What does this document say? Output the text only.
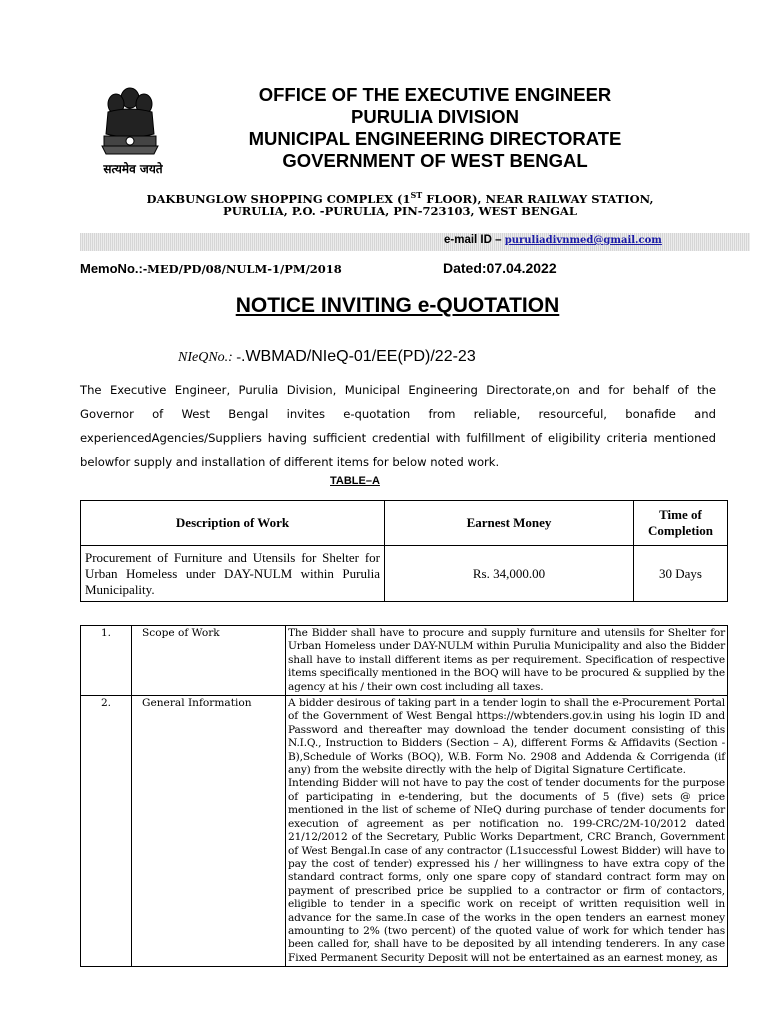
सत्यमेव जयते
OFFICE OF THE EXECUTIVE ENGINEER
PURULIA DIVISION
MUNICIPAL ENGINEERING DIRECTORATE
GOVERNMENT OF WEST BENGAL
DAKBUNGLOW SHOPPING COMPLEX (1ST FLOOR), NEAR RAILWAY STATION,
PURULIA, P.O. -PURULIA, PIN-723103, WEST BENGAL
e-mail ID – puruliadivnmed@gmail.com
MemoNo.:-MED/PD/08/NULM-1/PM/2018	Dated:07.04.2022
NOTICE INVITING e-QUOTATION
NIeQNo.: -.WBMAD/NIeQ-01/EE(PD)/22-23
The Executive Engineer, Purulia Division, Municipal Engineering Directorate,on and for behalf of the Governor of West Bengal invites e-quotation from reliable, resourceful, bonafide and experiencedAgencies/Suppliers having sufficient credential with fulfillment of eligibility criteria mentioned belowfor supply and installation of different items for below noted work.
TABLE–A
Description of Work	Earnest Money	Time of Completion
Procurement of Furniture and Utensils for Shelter for Urban Homeless under DAY-NULM within Purulia Municipality.	Rs. 34,000.00	30 Days
1.	Scope of Work	The Bidder shall have to procure and supply furniture and utensils for Shelter for Urban Homeless under DAY-NULM within Purulia Municipality and also the Bidder shall have to install different items as per requirement. Specification of respective items specifically mentioned in the BOQ will have to be procured & supplied by the agency at his / their own cost including all taxes.
2.	General Information	A bidder desirous of taking part in a tender login to shall the e-Procurement Portal of the Government of West Bengal https://wbtenders.gov.in using his login ID and Password and thereafter may download the tender document consisting of this N.I.Q., Instruction to Bidders (Section – A), different Forms & Affidavits (Section - B),Schedule of Works (BOQ), W.B. Form No. 2908 and Addenda & Corrigenda (if any) from the website directly with the help of Digital Signature Certificate.
Intending Bidder will not have to pay the cost of tender documents for the purpose of participating in e-tendering, but the documents of 5 (five) sets @ price mentioned in the list of scheme of NIeQ during purchase of tender documents for execution of agreement as per notification no. 199-CRC/2M-10/2012 dated 21/12/2012 of the Secretary, Public Works Department, CRC Branch, Government of West Bengal.In case of any contractor (L1successful Lowest Bidder) will have to pay the cost of tender) expressed his / her willingness to have extra copy of the standard contract forms, only one spare copy of standard contract form may on payment of prescribed price be supplied to a contractor or firm of contactors, eligible to tender in a specific work on receipt of written requisition well in advance for the same.In case of the works in the open tenders an earnest money amounting to 2% (two percent) of the quoted value of work for which tender has been called for, shall have to be deposited by all intending tenderers. In any case Fixed Permanent Security Deposit will not be entertained as an earnest money, as
